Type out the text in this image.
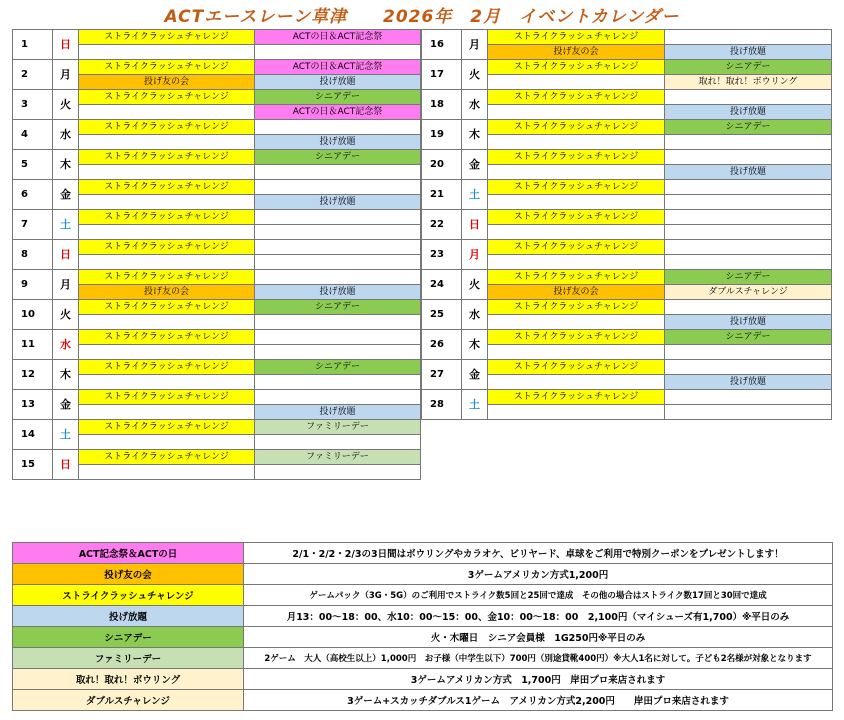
ACTエースレーン草津　　2026年　2月　イベントカレンダー
1	日	ストライクラッシュチャレンジ	ACTの日＆ACT記念祭

2	月	ストライクラッシュチャレンジ	ACTの日＆ACT記念祭
		投げ友の会	投げ放題
3	火	ストライクラッシュチャレンジ	シニアデー
			ACTの日＆ACT記念祭
4	水	ストライクラッシュチャレンジ	
			投げ放題
5	木	ストライクラッシュチャレンジ	シニアデー

6	金	ストライクラッシュチャレンジ	
			投げ放題
7	土	ストライクラッシュチャレンジ	

8	日	ストライクラッシュチャレンジ	

9	月	ストライクラッシュチャレンジ	
		投げ友の会	投げ放題
10	火	ストライクラッシュチャレンジ	シニアデー

11	水	ストライクラッシュチャレンジ	

12	木	ストライクラッシュチャレンジ	シニアデー

13	金	ストライクラッシュチャレンジ	
			投げ放題
14	土	ストライクラッシュチャレンジ	ファミリーデー

15	日	ストライクラッシュチャレンジ	ファミリーデー

16	月	ストライクラッシュチャレンジ	
		投げ友の会	投げ放題
17	火	ストライクラッシュチャレンジ	シニアデー
			取れ！取れ！ボウリング
18	水	ストライクラッシュチャレンジ	
			投げ放題
19	木	ストライクラッシュチャレンジ	シニアデー

20	金	ストライクラッシュチャレンジ	
			投げ放題
21	土	ストライクラッシュチャレンジ	

22	日	ストライクラッシュチャレンジ	

23	月	ストライクラッシュチャレンジ	

24	火	ストライクラッシュチャレンジ	シニアデー
		投げ友の会	ダブルスチャレンジ
25	水	ストライクラッシュチャレンジ	
			投げ放題
26	木	ストライクラッシュチャレンジ	シニアデー

27	金	ストライクラッシュチャレンジ	
			投げ放題
28	土	ストライクラッシュチャレンジ	

ACT記念祭＆ACTの日	2/1・2/2・2/3の3日間はボウリングやカラオケ、ビリヤード、卓球をご利用で特別クーポンをプレゼントします！
投げ友の会	3ゲームアメリカン方式1,200円
ストライクラッシュチャレンジ	ゲームパック（3G・5G）のご利用でストライク数5回と25回で達成　その他の場合はストライク数17回と30回で達成
投げ放題	月13：00～18：00、水10：00～15：00、金10：00～18：00　2,100円（マイシューズ有1,700）※平日のみ
シニアデー	火・木曜日　シニア会員様　1G250円※平日のみ
ファミリーデー	2ゲーム　大人（高校生以上）1,000円　お子様（中学生以下）700円（別途貸靴400円）※大人1名に対して。子ども2名様が対象となります
取れ！取れ！ボウリング	3ゲームアメリカン方式　1,700円　岸田プロ来店されます
ダブルスチャレンジ	3ゲーム+スカッチダブルス1ゲーム　アメリカン方式2,200円　　岸田プロ来店されます
